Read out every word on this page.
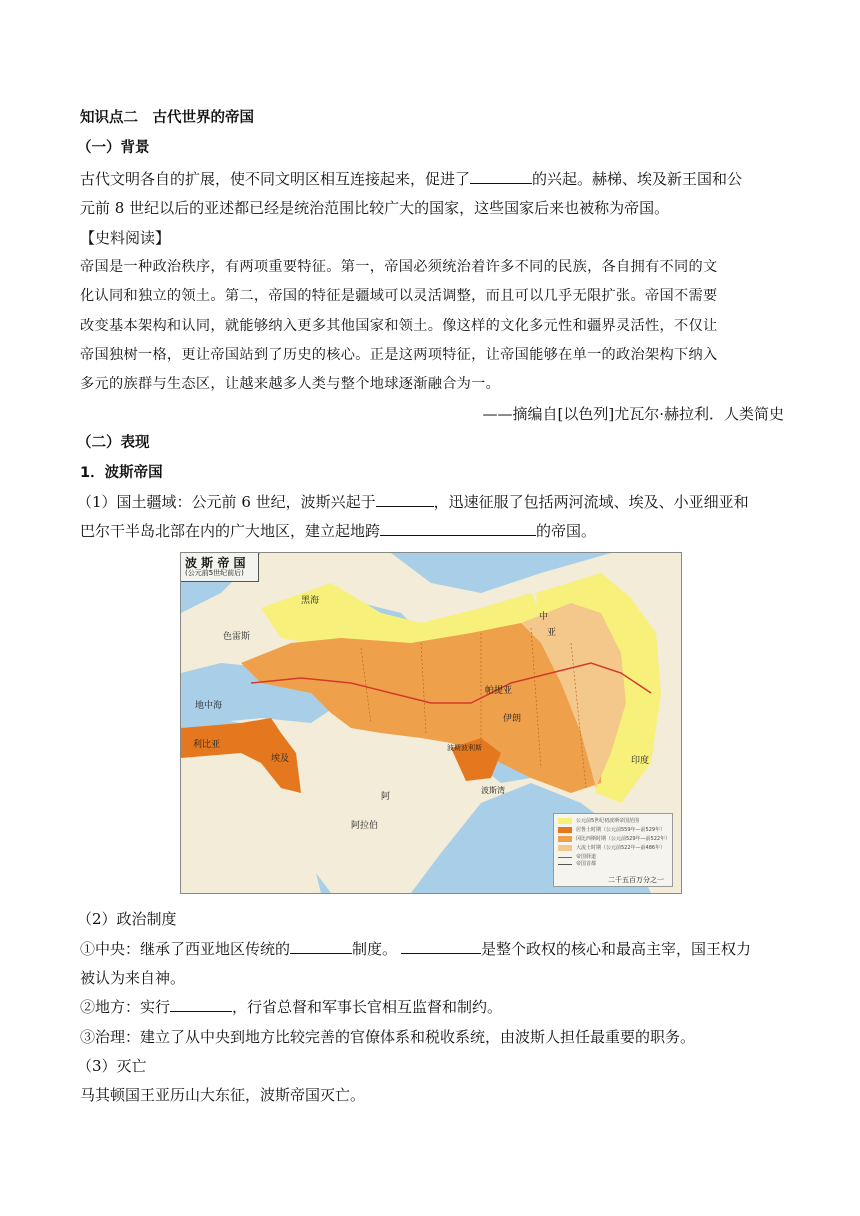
知识点二　古代世界的帝国
（一）背景
古代文明各自的扩展，使不同文明区相互连接起来，促进了	的兴起。赫梯、埃及新王国和公
元前 8 世纪以后的亚述都已经是统治范围比较广大的国家，这些国家后来也被称为帝国。
【史料阅读】
帝国是一种政治秩序，有两项重要特征。第一，帝国必须统治着许多不同的民族，各自拥有不同的文
化认同和独立的领土。第二，帝国的特征是疆域可以灵活调整，而且可以几乎无限扩张。帝国不需要
改变基本架构和认同，就能够纳入更多其他国家和领土。像这样的文化多元性和疆界灵活性，不仅让
帝国独树一格，更让帝国站到了历史的核心。正是这两项特征，让帝国能够在单一的政治架构下纳入
多元的族群与生态区，让越来越多人类与整个地球逐渐融合为一。
——摘编自[以色列]尤瓦尔·赫拉利．人类简史
（二）表现
1．波斯帝国
（1）国土疆域：公元前 6 世纪，波斯兴起于	，迅速征服了包括两河流域、埃及、小亚细亚和
巴尔干半岛北部在内的广大地区，建立起地跨	的帝国。
波 斯 帝 国
(公元前5世纪前后)
色雷斯
黑海
中
亚
地中海
埃及
阿拉伯
印度
帕提亚
伊朗
波斯波利斯
阿
利比亚
波斯湾
公元前5世纪初波斯帝国范围
居鲁士时期（公元前559年—前529年）
冈比西斯时期（公元前529年—前522年）
大流士时期（公元前522年—前486年）
帝国驿道
帝国首都
二千五百万分之一
（2）政治制度
①中央：继承了西亚地区传统的	制度。	是整个政权的核心和最高主宰，国王权力
被认为来自神。
②地方：实行	，行省总督和军事长官相互监督和制约。
③治理：建立了从中央到地方比较完善的官僚体系和税收系统，由波斯人担任最重要的职务。
（3）灭亡
马其顿国王亚历山大东征，波斯帝国灭亡。
